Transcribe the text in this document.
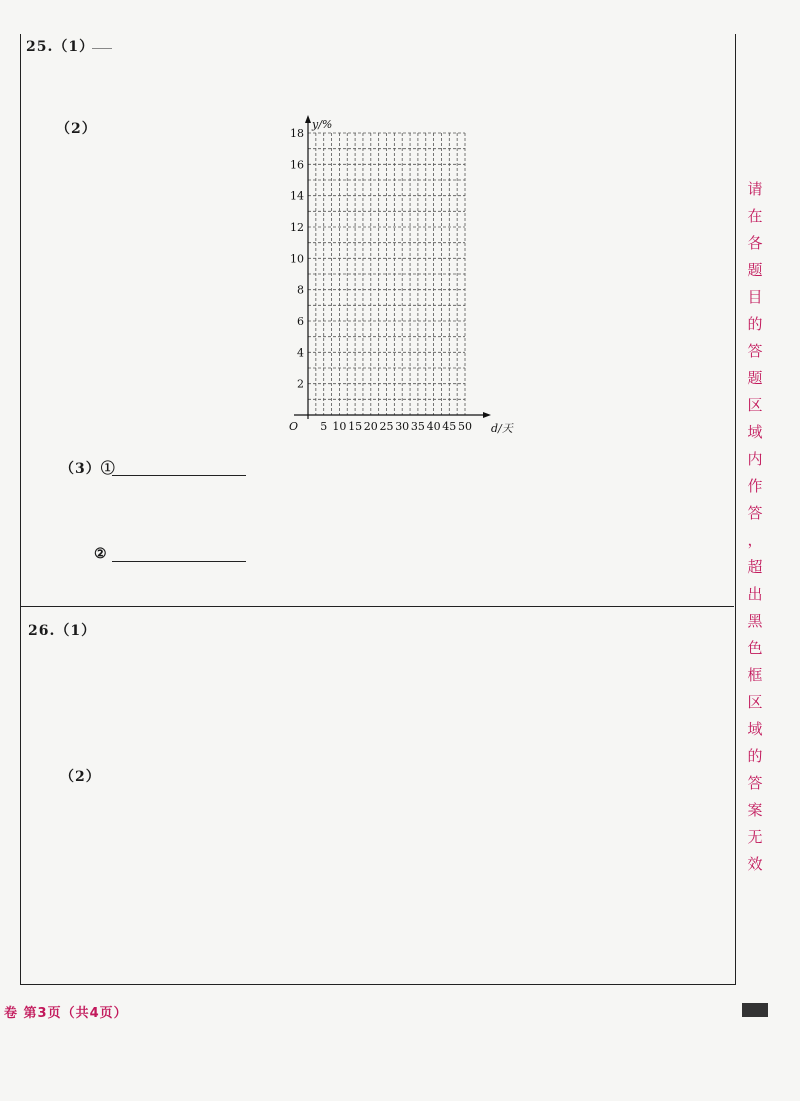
25.（1）
（2）
5 10 15 20 25 30 35 40 45 50
2
4
6
8
10
12
14
16
18
O	d/天
y/%
（3）①
②
26.（1）
（2）
请
在
各
题
目
的
答
题
区
域
内
作
答
，
超
出
黑
色
框
区
域
的
答
案
无
效
卷 第3页（共4页）
